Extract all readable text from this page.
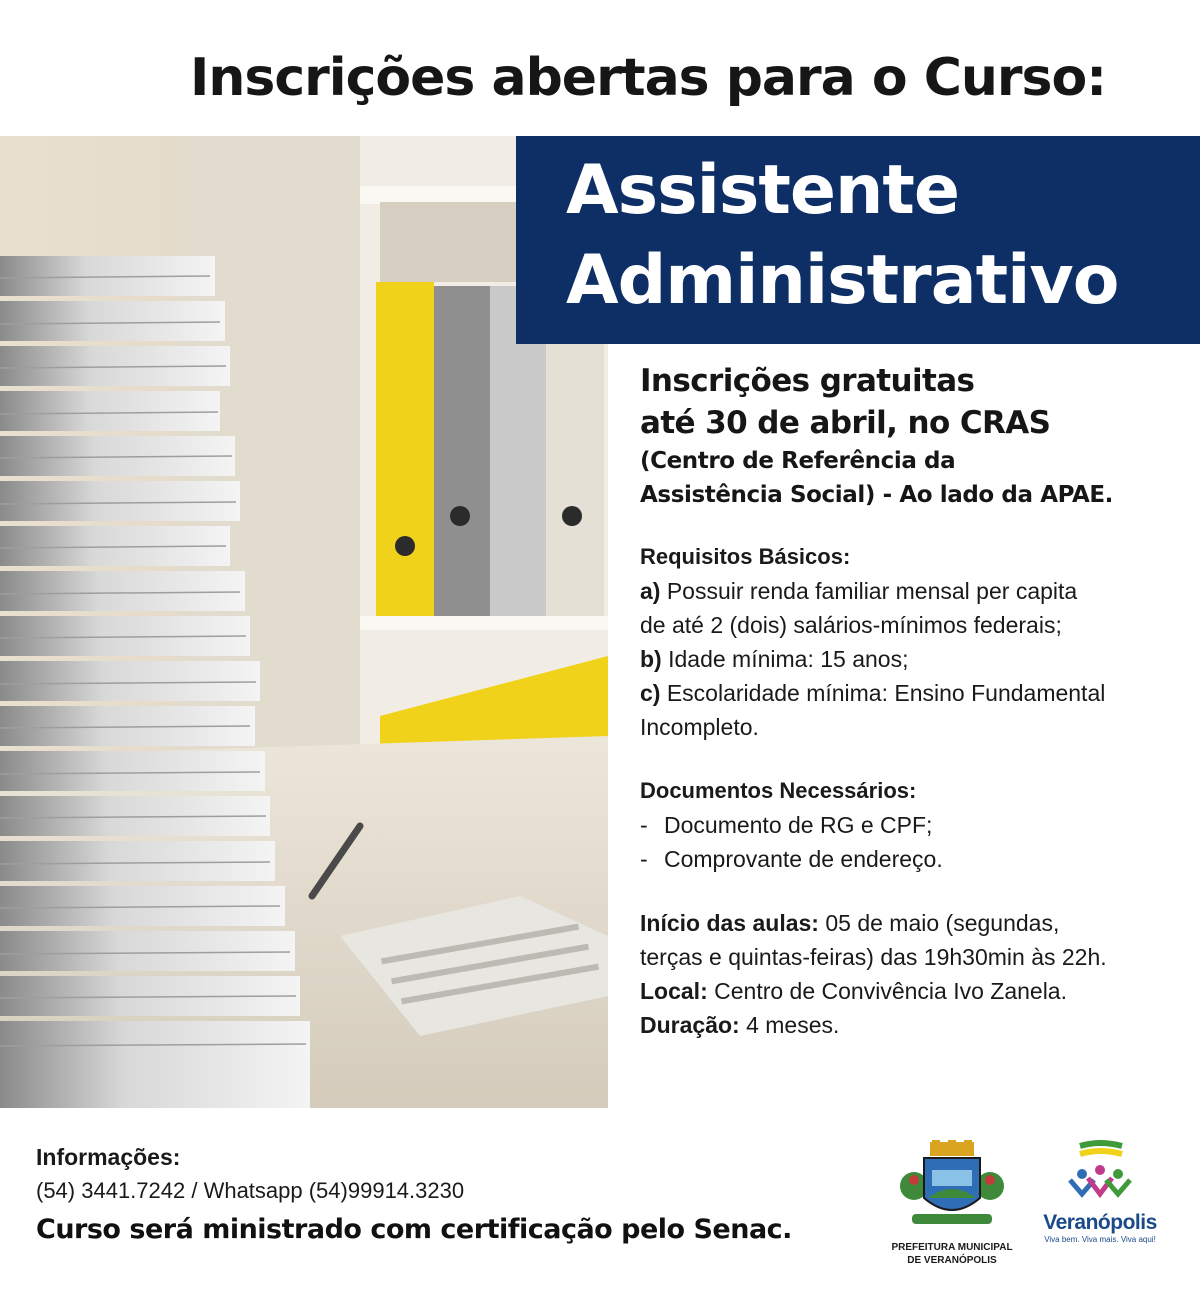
Inscrições abertas para o Curso:
Assistente
Administrativo
Inscrições gratuitas
até 30 de abril, no CRAS
(Centro de Referência da
Assistência Social) - Ao lado da APAE.
Requisitos Básicos:
a) Possuir renda familiar mensal per capita
de até 2 (dois) salários-mínimos federais;
b) Idade mínima: 15 anos;
c) Escolaridade mínima: Ensino Fundamental
Incompleto.
Documentos Necessários:
- Documento de RG e CPF;
- Comprovante de endereço.
Início das aulas: 05 de maio (segundas,
terças e quintas-feiras) das 19h30min às 22h.
Local: Centro de Convivência Ivo Zanela.
Duração: 4 meses.
Informações:
(54) 3441.7242 / Whatsapp (54)99914.3230
Curso será ministrado com certificação pelo Senac.
PREFEITURA MUNICIPAL
DE VERANÓPOLIS
Veranópolis
Viva bem. Viva mais. Viva aqui!
